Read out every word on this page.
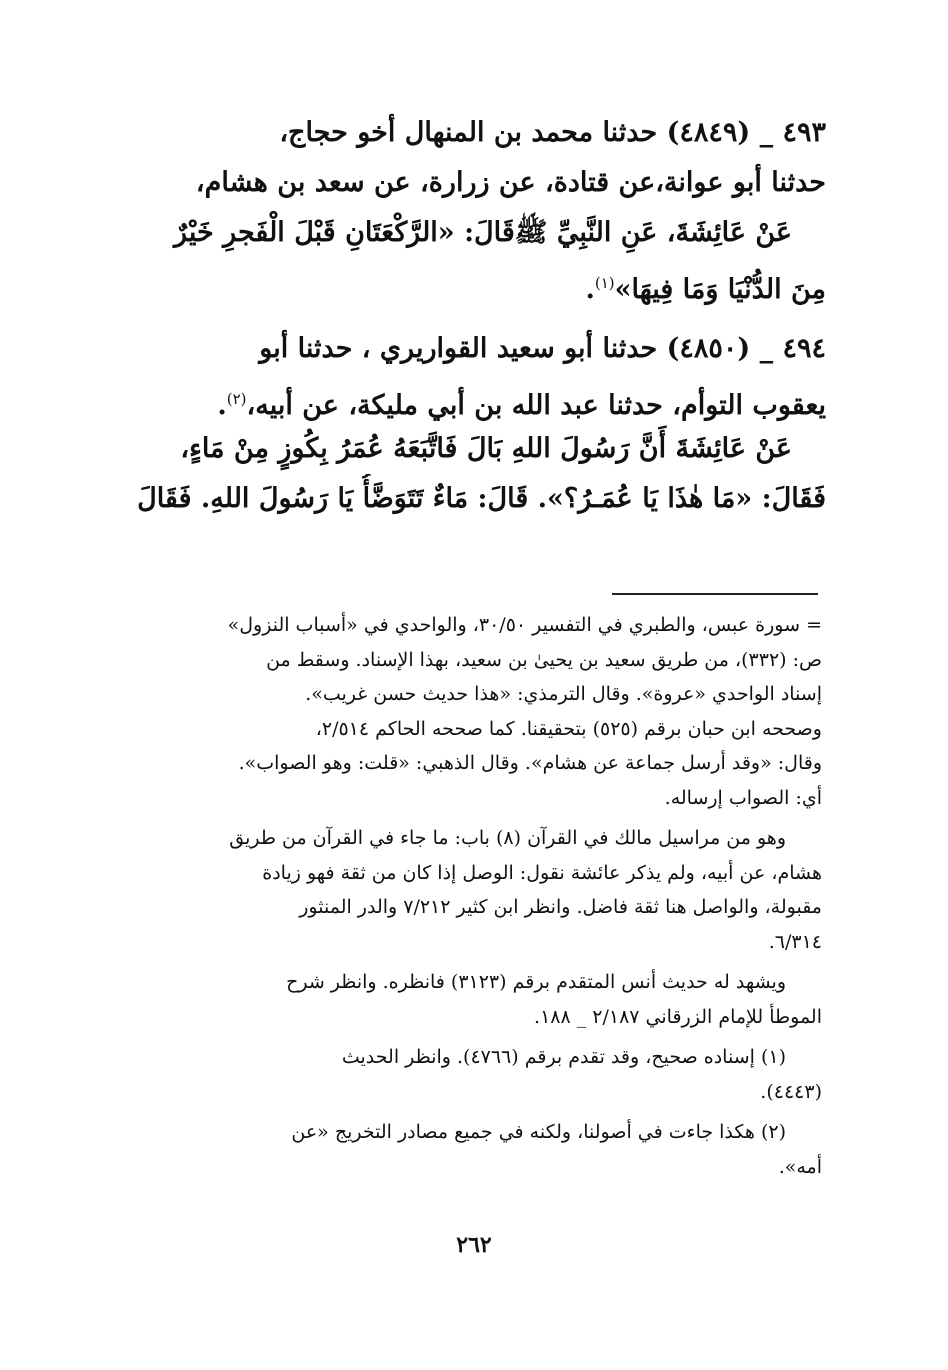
٤٩٣ _ (٤٨٤٩) حدثنا محمد بن المنهال أخو حجاج،
حدثنا أبو عوانة،عن قتادة، عن زرارة، عن سعد بن هشام،
عَنْ عَائِشَةَ، عَنِ النَّبِيِّ ﷺقَالَ: «الرَّكْعَتَانِ قَبْلَ الْفَجرِ خَيْرٌ
مِنَ الدُّنْيَا وَمَا فِيهَا»$^{(١)}$.
٤٩٤ _ (٤٨٥٠) حدثنا أبو سعيد القواريري ، حدثنا أبو
يعقوب التوأم، حدثنا عبد الله بن أبي مليكة، عن أبيه،$^{(٢)}$.
عَنْ عَائِشَةَ أَنَّ رَسُولَ اللهِ بَالَ فَاتَّبَعَهُ عُمَرُ بِكُوزٍ مِنْ مَاءٍ،
فَقَالَ: «مَا هٰذَا يَا عُمَـرُ؟». قَالَ: مَاءٌ تَتَوَضَّأُ يَا رَسُولَ اللهِ. فَقَالَ
= سورة عبس، والطبري في التفسير ٣٠/٥٠، والواحدي في «أسباب النزول»
ص: (٣٣٢)، من طريق سعيد بن يحيىٰ بن سعيد، بهذا الإسناد. وسقط من
إسناد الواحدي «عروة». وقال الترمذي: «هذا حديث حسن غريب».
وصححه ابن حبان برقم (٥٢٥) بتحقيقنا. كما صححه الحاكم ٢/٥١٤،
وقال: «وقد أرسل جماعة عن هشام». وقال الذهبي: «قلت: وهو الصواب».
أي: الصواب إرساله.
وهو من مراسيل مالك في القرآن (٨) باب: ما جاء في القرآن من طريق
هشام، عن أبيه، ولم يذكر عائشة نقول: الوصل إذا كان من ثقة فهو زيادة
مقبولة، والواصل هنا ثقة فاضل. وانظر ابن كثير ٧/٢١٢ والدر المنثور
٦/٣١٤.
ويشهد له حديث أنس المتقدم برقم (٣١٢٣) فانظره. وانظر شرح
الموطأ للإمام الزرقاني ٢/١٨٧ _ ١٨٨.
(١) إسناده صحيح، وقد تقدم برقم (٤٧٦٦). وانظر الحديث
(٤٤٤٣).
(٢) هكذا جاءت في أصولنا، ولكنه في جميع مصادر التخريج «عن
أمه».
٢٦٢
